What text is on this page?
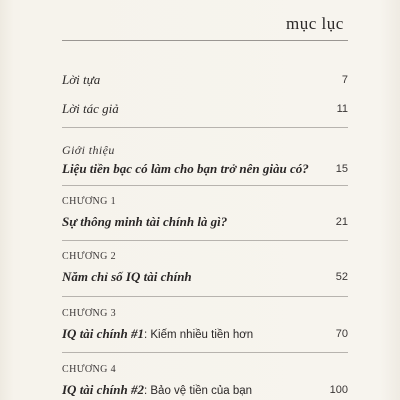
mục lục
Lời tựa	7
Lời tác giả	11
Giới thiệu
Liệu tiền bạc có làm cho bạn trở nên giàu có? 15
CHƯƠNG 1
Sự thông minh tài chính là gì?	21
CHƯƠNG 2
Năm chỉ số IQ tài chính	52
CHƯƠNG 3
IQ tài chính #1: Kiếm nhiều tiền hơn	70
CHƯƠNG 4
IQ tài chính #2: Bảo vệ tiền của bạn	100
